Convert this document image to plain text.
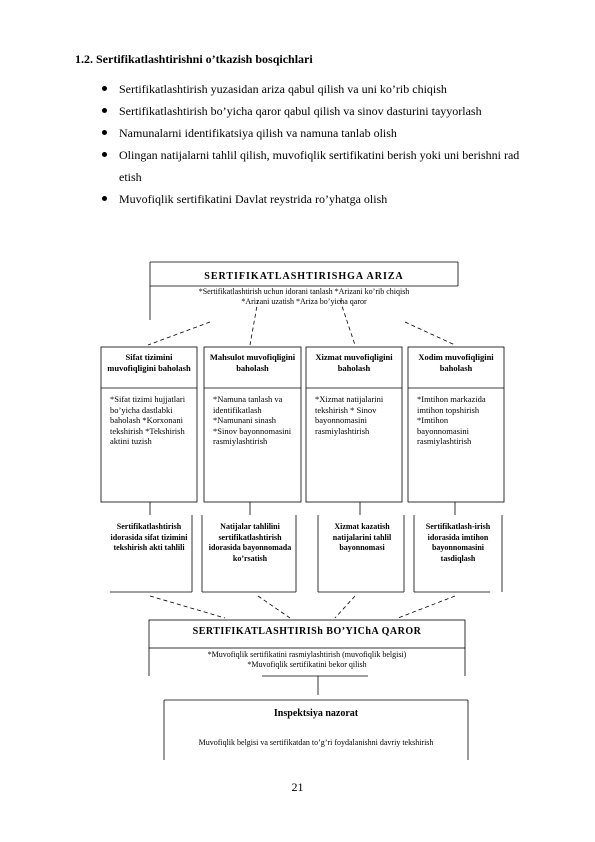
1.2. Sertifikatlashtirishni o’tkazish bosqichlari
Sertifikatlashtirish yuzasidan ariza qabul qilish va uni ko’rib chiqish
Sertifikatlashtirish bo’yicha qaror qabul qilish va sinov dasturini tayyorlash
Namunalarni identifikatsiya qilish va namuna tanlab olish
Olingan natijalarni tahlil qilish, muvofiqlik sertifikatini berish yoki uni berishni rad etish
Muvofiqlik sertifikatini Davlat reystrida ro’yhatga olish
SERTIFIKATLASHTIRISHGA ARIZA
*Sertifikatlashtirish uchun idorani tanlash *Arizani ko’rib chiqish
*Arizani uzatish *Ariza bo’yicha qaror
Sifat tizimini muvofiqligini baholash
Mahsulot muvofiqligini baholash
Xizmat muvofiqligini baholash
Xodim muvofiqligini baholash
*Sifat tizimi hujjatlari bo’yicha dastlabki baholash *Korxonani tekshirish *Tekshirish aktini tuzish
*Namuna tanlash va identifikatlash *Namunani sinash *Sinov bayonnomasini rasmiylashtirish
*Xizmat natijalarini tekshirish * Sinov bayonnomasini rasmiylashtirish
*Imtihon markazida imtihon topshirish *Imtihon bayonnomasini rasmiylashtirish
Sertifikatlashtirish idorasida sifat tizimini tekshirish akti tahlili
Natijalar tahlilini sertifikatlashtirish idorasida bayonnomada ko’rsatish
Xizmat kazatish natijalarini tahlil bayonnomasi
Sertifikatlash-irish idorasida imtihon bayonnomasini tasdiqlash
SERTIFIKATLASHTIRISh BO’YIChA QAROR
*Muvofiqlik sertifikatini rasmiylashtirish (muvofiqlik belgisi)
*Muvofiqlik sertifikatini bekor qilish
Inspektsiya nazorat
Muvofiqlik belgisi va sertifikatdan to’g’ri foydalanishni davriy tekshirish
21
